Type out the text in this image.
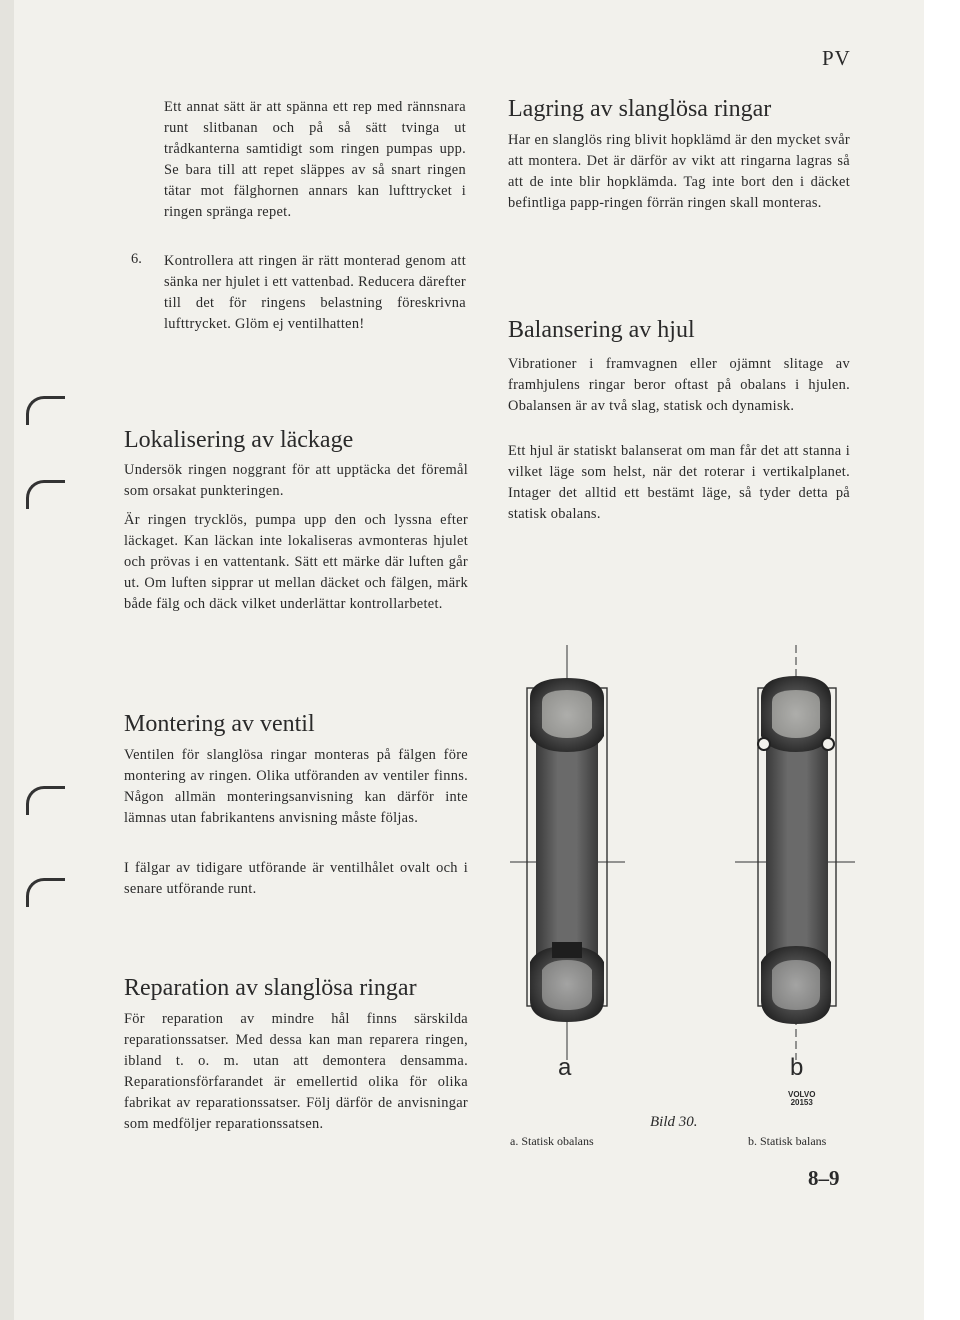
PV

Ett annat sätt är att spänna ett rep med rännsnara runt slitbanan och på så sätt tvinga ut trådkanterna samtidigt som ringen pumpas upp. Se bara till att repet släppes av så snart ringen tätar mot fälghornen annars kan lufttrycket i ringen spränga repet.

6. Kontrollera att ringen är rätt monterad genom att sänka ner hjulet i ett vattenbad. Reducera därefter till det för ringens belastning föreskrivna lufttrycket. Glöm ej ventilhatten!

Lokalisering av läckage

Undersök ringen noggrant för att upptäcka det föremål som orsakat punkteringen.

Är ringen trycklös, pumpa upp den och lyssna efter läckaget. Kan läckan inte lokaliseras avmonteras hjulet och prövas i en vattentank. Sätt ett märke där luften går ut. Om luften sipprar ut mellan däcket och fälgen, märk både fälg och däck vilket underlättar kontrollarbetet.

Montering av ventil

Ventilen för slanglösa ringar monteras på fälgen före montering av ringen. Olika utföranden av ventiler finns. Någon allmän monteringsanvisning kan därför inte lämnas utan fabrikantens anvisning måste följas.

I fälgar av tidigare utförande är ventilhålet ovalt och i senare utförande runt.

Reparation av slanglösa ringar

För reparation av mindre hål finns särskilda reparationssatser. Med dessa kan man reparera ringen, ibland t. o. m. utan att demontera densamma. Reparationsförfarandet är emellertid olika för olika fabrikat av reparationssatser. Följ därför de anvisningar som medföljer reparationssatsen.

Lagring av slanglösa ringar

Har en slanglös ring blivit hopklämd är den mycket svår att montera. Det är därför av vikt att ringarna lagras så att de inte blir hopklämda. Tag inte bort den i däcket befintliga papp-ringen förrän ringen skall monteras.

Balansering av hjul

Vibrationer i framvagnen eller ojämnt slitage av framhjulens ringar beror oftast på obalans i hjulen. Obalansen är av två slag, statisk och dynamisk.

Ett hjul är statiskt balanserat om man får det att stanna i vilket läge som helst, när det roterar i vertikalplanet. Intager det alltid ett bestämt läge, så tyder detta på statisk obalans.

a	b
VOLVO
20153
Bild 30.
a. Statisk obalans	b. Statisk balans
8–9
